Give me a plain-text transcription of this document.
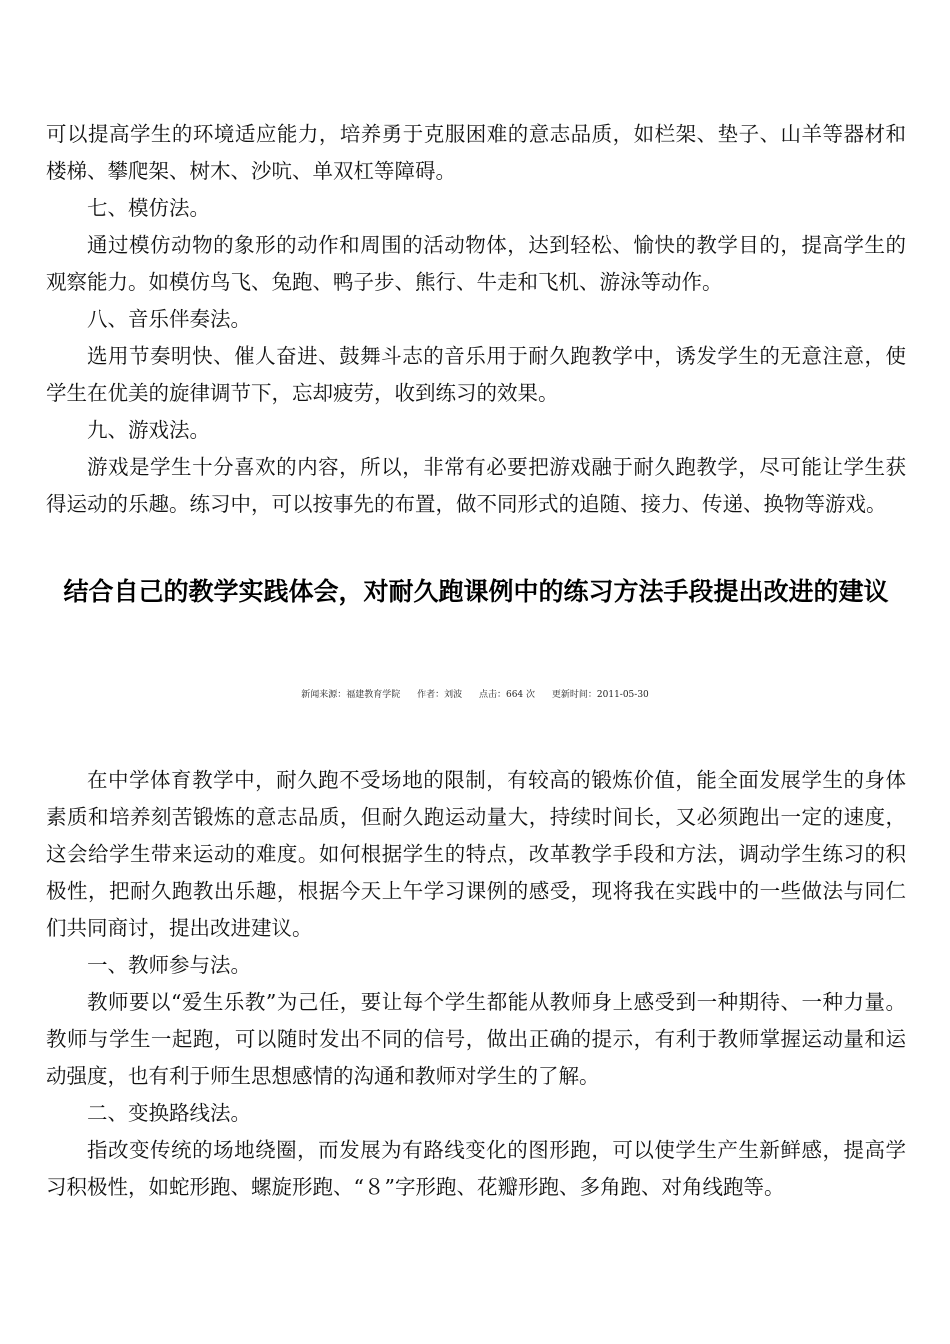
可以提高学生的环境适应能力，培养勇于克服困难的意志品质，如栏架、垫子、山羊等器材和楼梯、攀爬架、树木、沙吭、单双杠等障碍。

七、模仿法。

通过模仿动物的象形的动作和周围的活动物体，达到轻松、愉快的教学目的，提高学生的观察能力。如模仿鸟飞、兔跑、鸭子步、熊行、牛走和飞机、游泳等动作。

八、音乐伴奏法。

选用节奏明快、催人奋进、鼓舞斗志的音乐用于耐久跑教学中，诱发学生的无意注意，使学生在优美的旋律调节下，忘却疲劳，收到练习的效果。

九、游戏法。

游戏是学生十分喜欢的内容，所以，非常有必要把游戏融于耐久跑教学，尽可能让学生获得运动的乐趣。练习中，可以按事先的布置，做不同形式的追随、接力、传递、换物等游戏。

结合自己的教学实践体会，对耐久跑课例中的练习方法手段提出改进的建议
新闻来源：福建教育学院 作者：刘波 点击：664 次 更新时间：2011-05-30

在中学体育教学中，耐久跑不受场地的限制，有较高的锻炼价值，能全面发展学生的身体素质和培养刻苦锻炼的意志品质，但耐久跑运动量大，持续时间长，又必须跑出一定的速度，这会给学生带来运动的难度。如何根据学生的特点，改革教学手段和方法，调动学生练习的积极性，把耐久跑教出乐趣，根据今天上午学习课例的感受，现将我在实践中的一些做法与同仁们共同商讨，提出改进建议。

一、教师参与法。

教师要以“爱生乐教”为己任，要让每个学生都能从教师身上感受到一种期待、一种力量。教师与学生一起跑，可以随时发出不同的信号，做出正确的提示，有利于教师掌握运动量和运动强度，也有利于师生思想感情的沟通和教师对学生的了解。

二、变换路线法。

指改变传统的场地绕圈，而发展为有路线变化的图形跑，可以使学生产生新鲜感，提高学习积极性，如蛇形跑、螺旋形跑、“８”字形跑、花瓣形跑、多角跑、对角线跑等。
